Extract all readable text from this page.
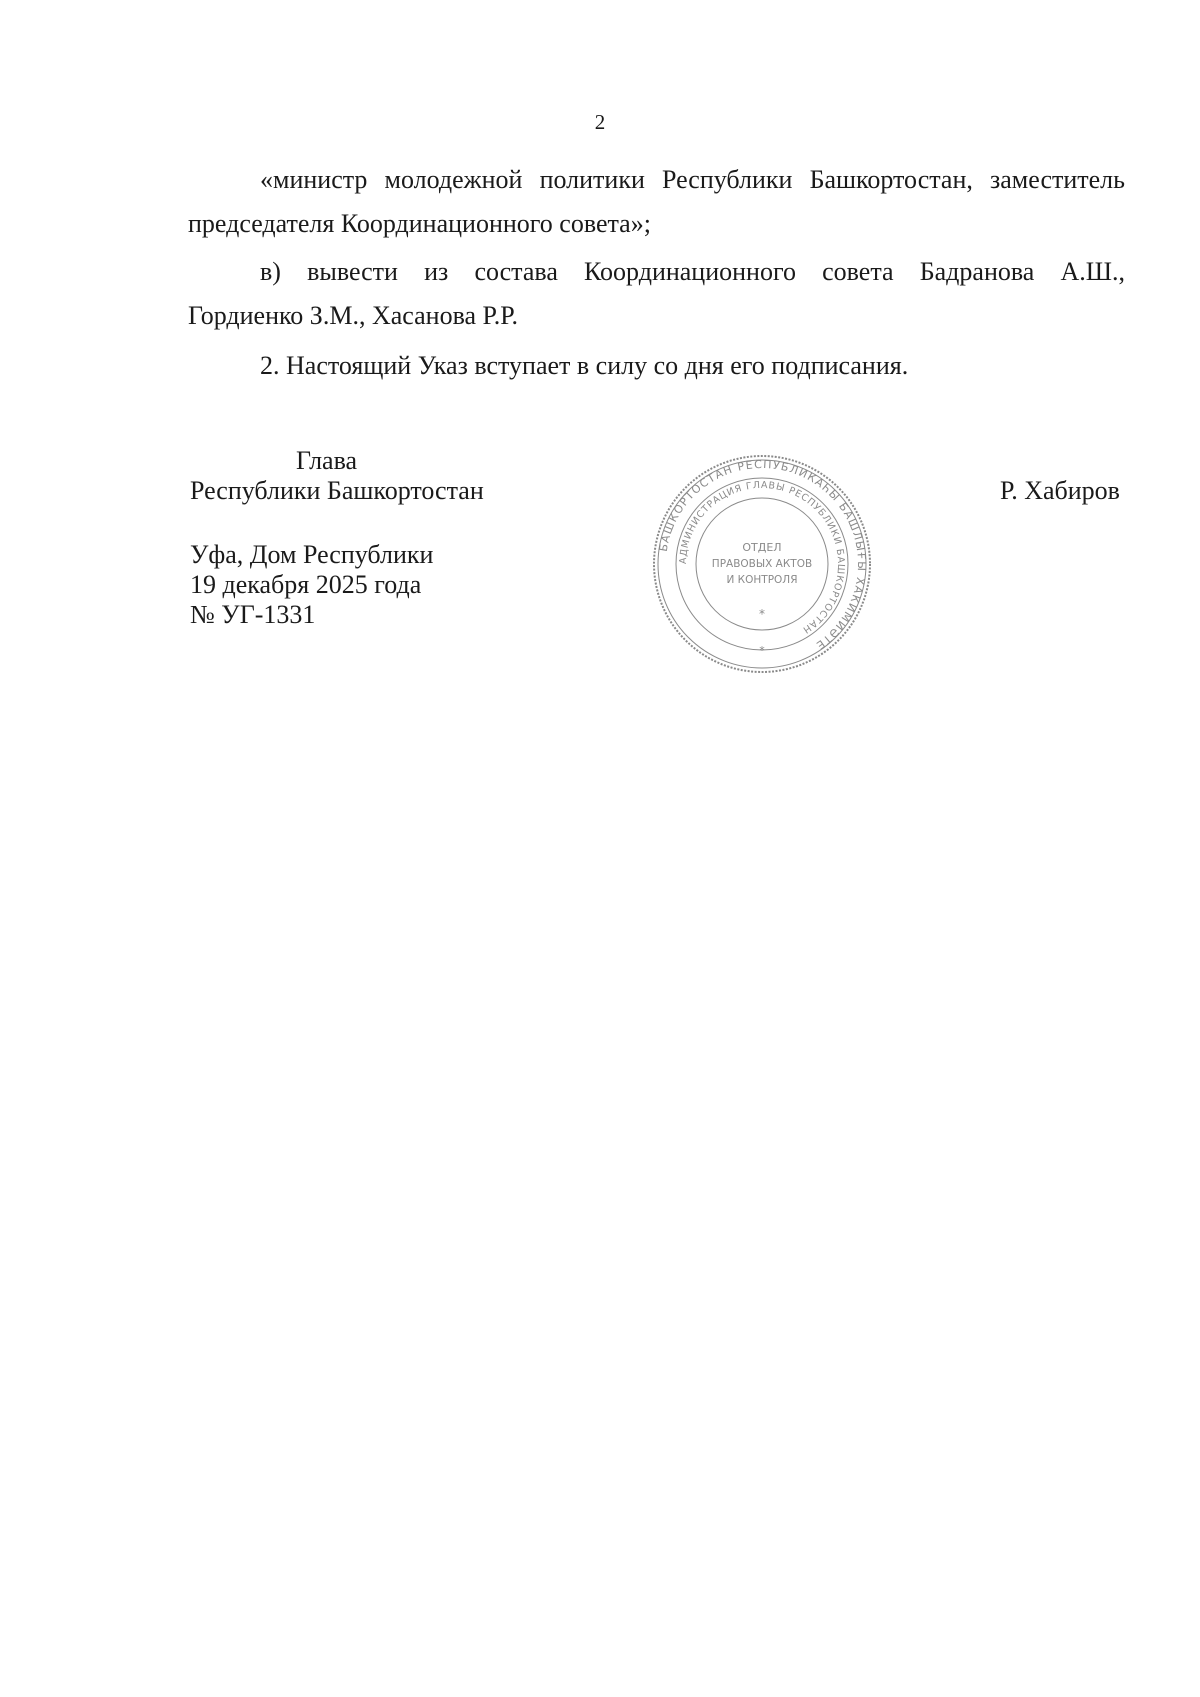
2
«министр молодежной политики Республики Башкортостан, заместитель
председателя Координационного совета»;
в) вывести из состава Координационного совета Бадранова А.Ш.,
Гордиенко З.М., Хасанова Р.Р.
2. Настоящий Указ вступает в силу со дня его подписания.
Глава
Республики Башкортостан	Р. Хабиров
Уфа, Дом Республики
19 декабря 2025 года
№ УГ-1331
БАШКОРТОСТАН РЕСПУБЛИКАҺЫ БАШЛЫҒЫ ХАКИМИӘТЕ
АДМИНИСТРАЦИЯ ГЛАВЫ РЕСПУБЛИКИ БАШКОРТОСТАН
ОТДЕЛ
ПРАВОВЫХ АКТОВ
И КОНТРОЛЯ
*
*
